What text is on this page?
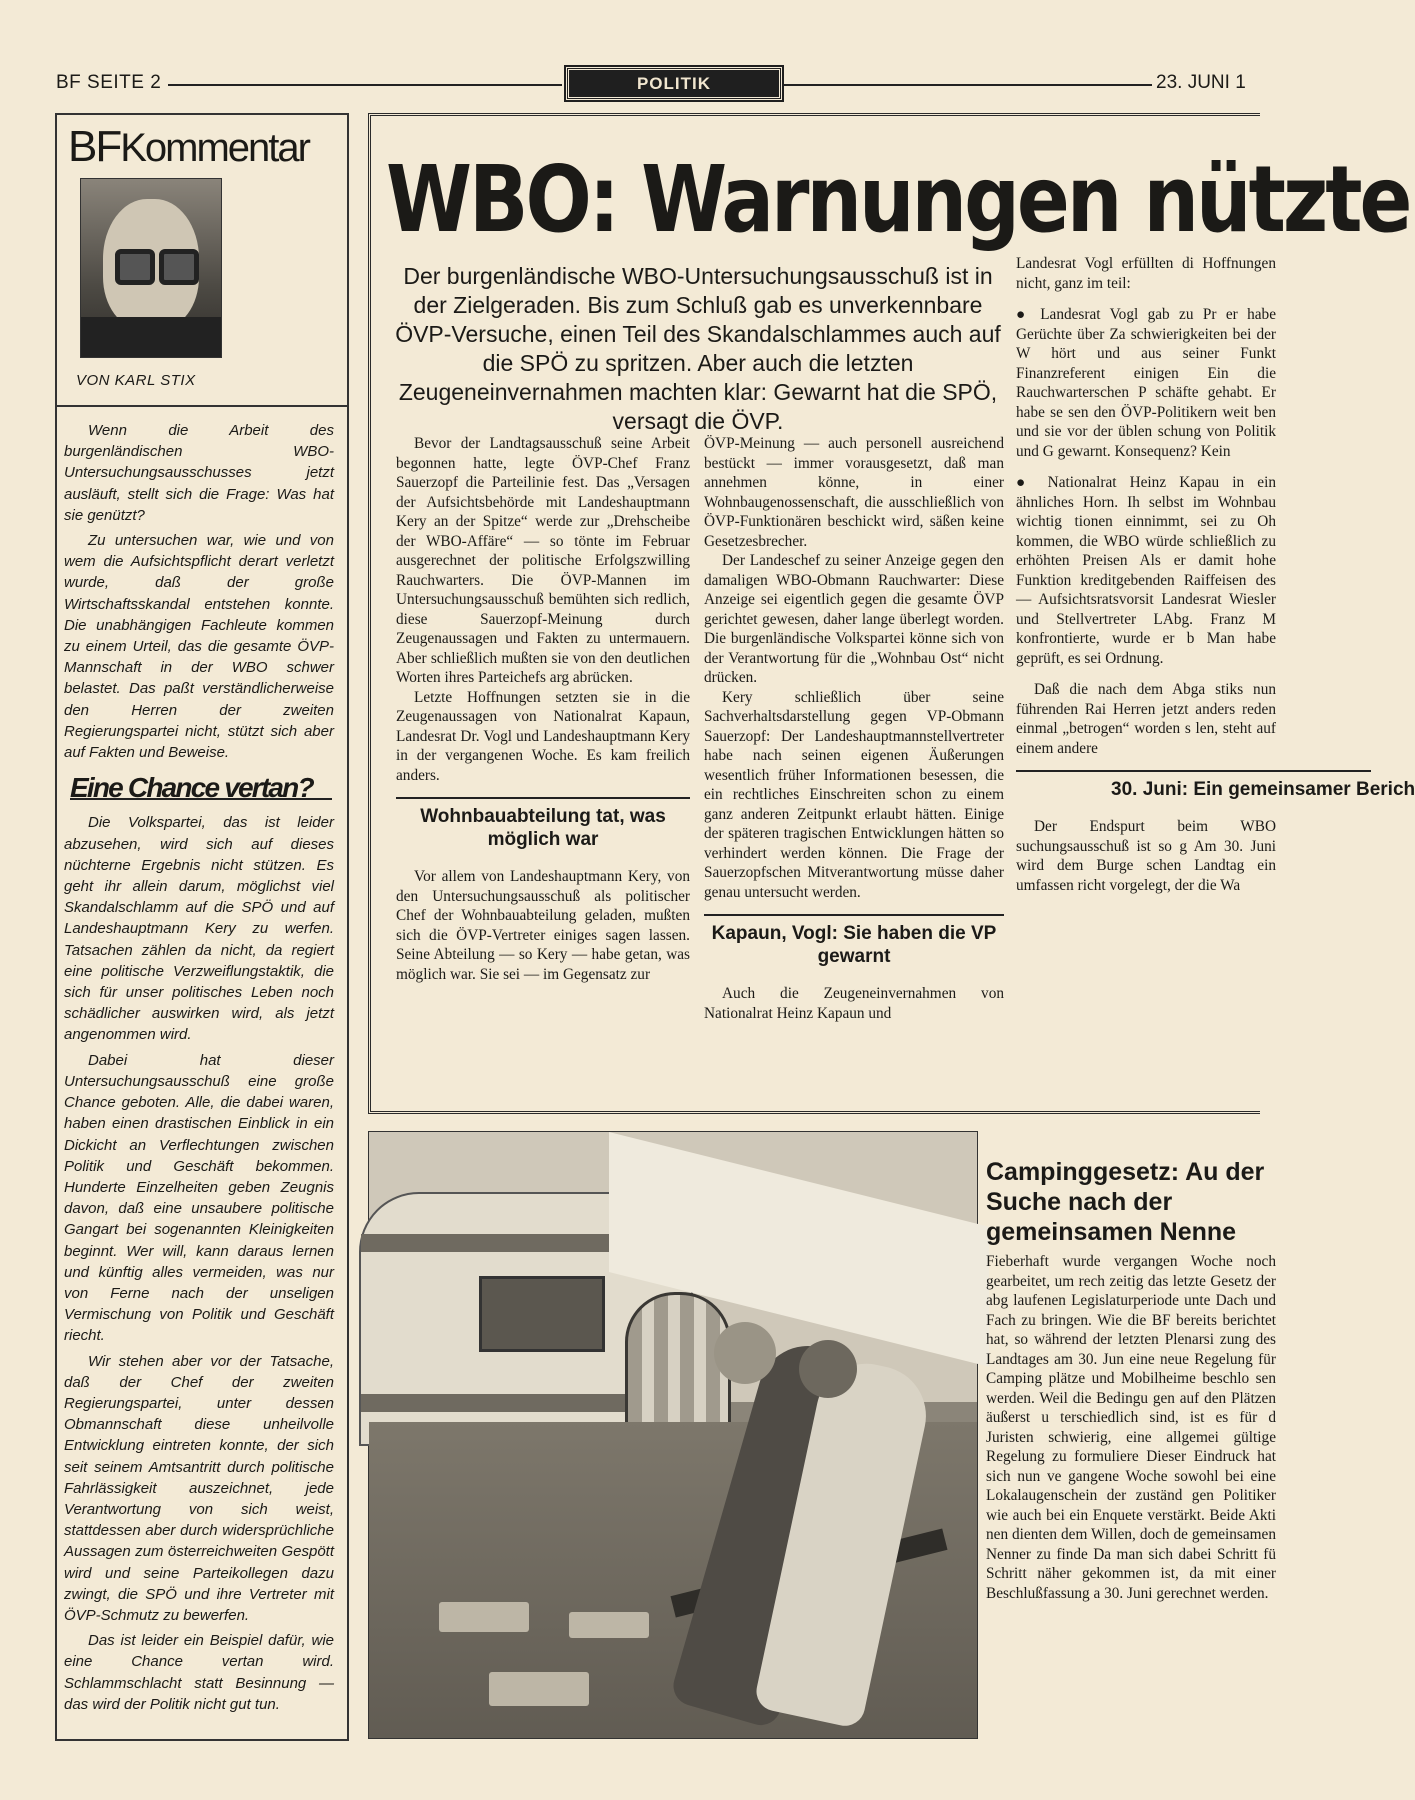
BF SEITE 2	POLITIK	23. JUNI 1
BFKommentar
VON KARL STIX

Wenn die Arbeit des burgenländischen WBO-Untersuchungsausschusses jetzt ausläuft, stellt sich die Frage: Was hat sie genützt?

Zu untersuchen war, wie und von wem die Aufsichtspflicht derart verletzt wurde, daß der große Wirtschaftsskandal entstehen konnte. Die unabhängigen Fachleute kommen zu einem Urteil, das die gesamte ÖVP-Mannschaft in der WBO schwer belastet. Das paßt verständlicherweise den Herren der zweiten Regierungspartei nicht, stützt sich aber auf Fakten und Beweise.

Eine Chance vertan?

Die Volkspartei, das ist leider abzusehen, wird sich auf dieses nüchterne Ergebnis nicht stützen. Es geht ihr allein darum, möglichst viel Skandalschlamm auf die SPÖ und auf Landeshauptmann Kery zu werfen. Tatsachen zählen da nicht, da regiert eine politische Verzweiflungstaktik, die sich für unser politisches Leben noch schädlicher auswirken wird, als jetzt angenommen wird.

Dabei hat dieser Untersuchungsausschuß eine große Chance geboten. Alle, die dabei waren, haben einen drastischen Einblick in ein Dickicht an Verflechtungen zwischen Politik und Geschäft bekommen. Hunderte Einzelheiten geben Zeugnis davon, daß eine unsaubere politische Gangart bei sogenannten Kleinigkeiten beginnt. Wer will, kann daraus lernen und künftig alles vermeiden, was nur von Ferne nach der unseligen Vermischung von Politik und Geschäft riecht.

Wir stehen aber vor der Tatsache, daß der Chef der zweiten Regierungspartei, unter dessen Obmannschaft diese unheilvolle Entwicklung eintreten konnte, der sich seit seinem Amtsantritt durch politische Fahrlässigkeit auszeichnet, jede Verantwortung von sich weist, stattdessen aber durch widersprüchliche Aussagen zum österreichweiten Gespött wird und seine Parteikollegen dazu zwingt, die SPÖ und ihre Vertreter mit ÖVP-Schmutz zu bewerfen.

Das ist leider ein Beispiel dafür, wie eine Chance vertan wird. Schlammschlacht statt Besinnung — das wird der Politik nicht gut tun.

WBO: Warnungen nützte
Der burgenländische WBO-Untersuchungsausschuß ist in der Zielgeraden. Bis zum Schluß gab es unverkennbare ÖVP-Versuche, einen Teil des Skandalschlammes auch auf die SPÖ zu spritzen. Aber auch die letzten Zeugeneinvernahmen machten klar: Gewarnt hat die SPÖ, versagt die ÖVP.

Bevor der Landtagsausschuß seine Arbeit begonnen hatte, legte ÖVP-Chef Franz Sauerzopf die Parteilinie fest. Das „Versagen der Aufsichtsbehörde mit Landeshauptmann Kery an der Spitze“ werde zur „Drehscheibe der WBO-Affäre“ — so tönte im Februar ausgerechnet der politische Erfolgszwilling Rauchwarters. Die ÖVP-Mannen im Untersuchungsausschuß bemühten sich redlich, diese Sauerzopf-Meinung durch Zeugenaussagen und Fakten zu untermauern. Aber schließlich mußten sie von den deutlichen Worten ihres Parteichefs arg abrücken.

Letzte Hoffnungen setzten sie in die Zeugenaussagen von Nationalrat Kapaun, Landesrat Dr. Vogl und Landeshauptmann Kery in der vergangenen Woche. Es kam freilich anders.

Wohnbauabteilung tat, was möglich war

Vor allem von Landeshauptmann Kery, von den Untersuchungsausschuß als politischer Chef der Wohnbauabteilung geladen, mußten sich die ÖVP-Vertreter einiges sagen lassen. Seine Abteilung — so Kery — habe getan, was möglich war. Sie sei — im Gegensatz zur

ÖVP-Meinung — auch personell ausreichend bestückt — immer vorausgesetzt, daß man annehmen könne, in einer Wohnbaugenossenschaft, die ausschließlich von ÖVP-Funktionären beschickt wird, säßen keine Gesetzesbrecher.

Der Landeschef zu seiner Anzeige gegen den damaligen WBO-Obmann Rauchwarter: Diese Anzeige sei eigentlich gegen die gesamte ÖVP gerichtet gewesen, daher lange überlegt worden. Die burgenländische Volkspartei könne sich von der Verantwortung für die „Wohnbau Ost“ nicht drücken.

Kery schließlich über seine Sachverhaltsdarstellung gegen VP-Obmann Sauerzopf: Der Landeshauptmannstellvertreter habe nach seinen eigenen Äußerungen wesentlich früher Informationen besessen, die ein rechtliches Einschreiten schon zu einem ganz anderen Zeitpunkt erlaubt hätten. Einige der späteren tragischen Entwicklungen hätten so verhindert werden können. Die Frage der Sauerzopfschen Mitverantwortung müsse daher genau untersucht werden.

Kapaun, Vogl: Sie haben die VP gewarnt

Auch die Zeugeneinvernahmen von Nationalrat Heinz Kapaun und

Landesrat Vogl erfüllten di Hoffnungen nicht, ganz im teil:

● Landesrat Vogl gab zu Pr er habe Gerüchte über Za schwierigkeiten bei der W hört und aus seiner Funkt Finanzreferent einigen Ein die Rauchwarterschen P schäfte gehabt. Er habe se sen den ÖVP-Politikern weit ben und sie vor der üblen schung von Politik und G gewarnt. Konsequenz? Kein

● Nationalrat Heinz Kapau in ein ähnliches Horn. Ih selbst im Wohnbau wichtig tionen einnimmt, sei zu Oh kommen, die WBO würde schließlich zu erhöhten Preisen Als er damit hohe Funktion kreditgebenden Raiffeisen des — Aufsichtsratsvorsit Landesrat Wiesler und Stellvertreter LAbg. Franz M konfrontierte, wurde er b Man habe geprüft, es sei Ordnung.

Daß die nach dem Abga stiks nun führenden Rai Herren jetzt anders reden einmal „betrogen“ worden s len, steht auf einem andere

30. Juni: Ein gemeinsamer Berich

Der Endspurt beim WBO suchungsausschuß ist so g Am 30. Juni wird dem Burge schen Landtag ein umfassen richt vorgelegt, der die Wa

Campinggesetz: Au der Suche nach der gemeinsamen Nenne

Fieberhaft wurde vergangen Woche noch gearbeitet, um rech zeitig das letzte Gesetz der abg laufenen Legislaturperiode unte Dach und Fach zu bringen. Wie die BF bereits berichtet hat, so während der letzten Plenarsi zung des Landtages am 30. Jun eine neue Regelung für Camping plätze und Mobilheime beschlo sen werden. Weil die Bedingu gen auf den Plätzen äußerst u terschiedlich sind, ist es für d Juristen schwierig, eine allgemei gültige Regelung zu formuliere Dieser Eindruck hat sich nun ve gangene Woche sowohl bei eine Lokalaugenschein der zuständ gen Politiker wie auch bei ein Enquete verstärkt. Beide Akti nen dienten dem Willen, doch de gemeinsamen Nenner zu finde Da man sich dabei Schritt fü Schritt näher gekommen ist, da mit einer Beschlußfassung a 30. Juni gerechnet werden.
